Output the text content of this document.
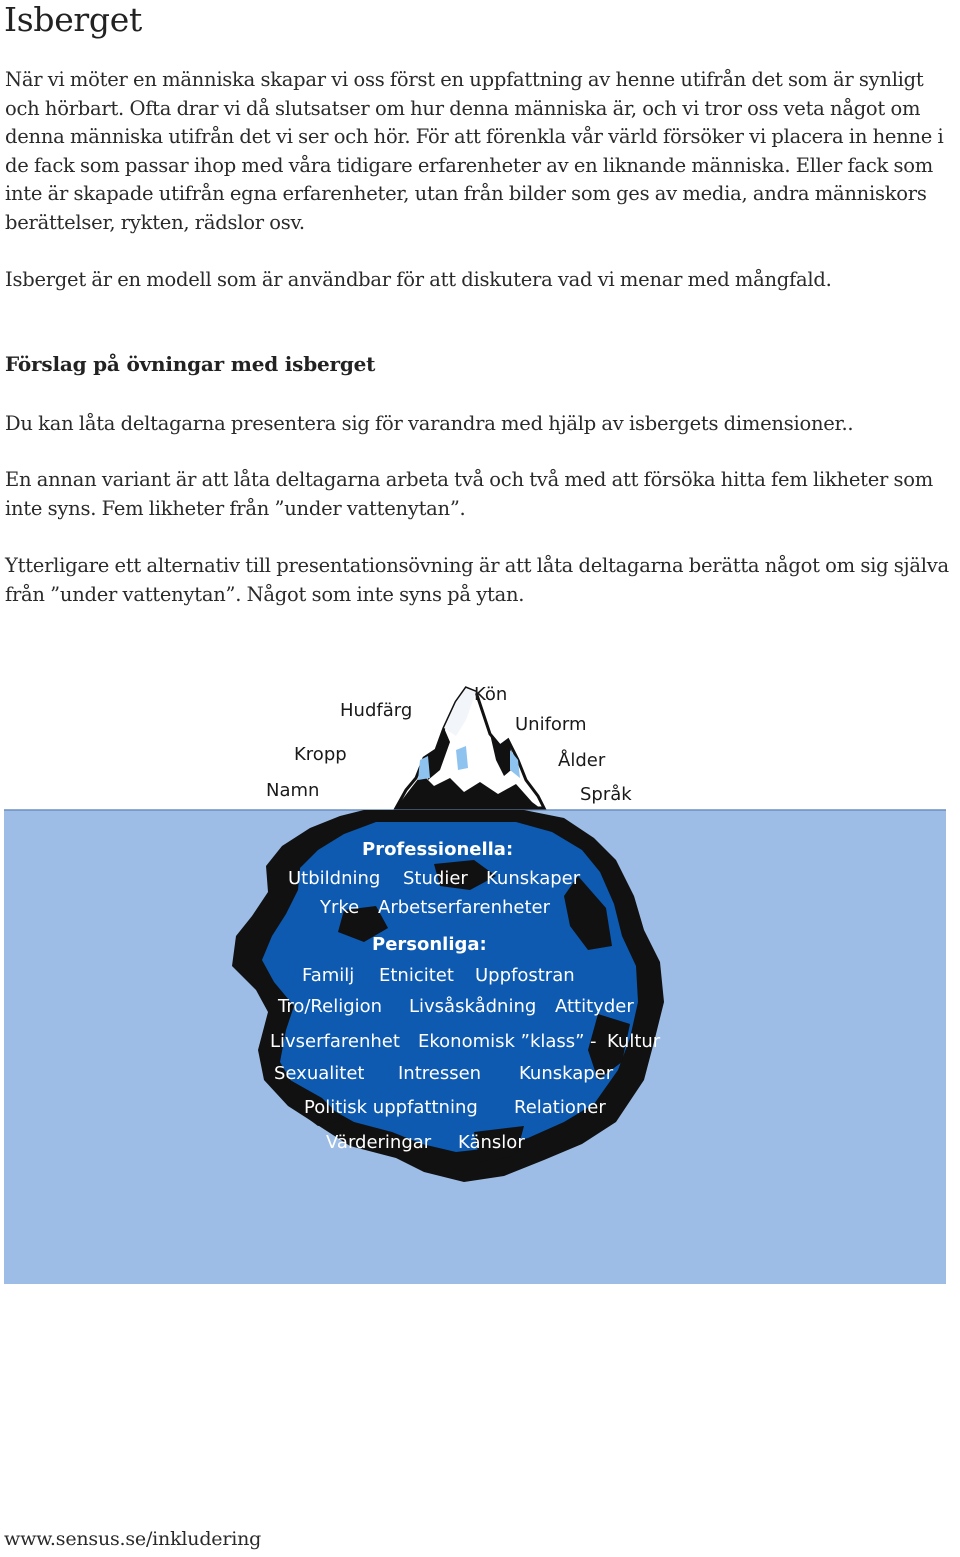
Isberget

När vi möter en människa skapar vi oss först en uppfattning av henne utifrån det som är synligt och hörbart. Ofta drar vi då slutsatser om hur denna människa är, och vi tror oss veta något om denna människa utifrån det vi ser och hör. För att förenkla vår värld försöker vi placera in henne i de fack som passar ihop med våra tidigare erfarenheter av en liknande människa. Eller fack som inte är skapade utifrån egna erfarenheter, utan från bilder som ges av media, andra människors berättelser, rykten, rädslor osv.

Isberget är en modell som är användbar för att diskutera vad vi menar med mångfald.

Förslag på övningar med isberget

Du kan låta deltagarna presentera sig för varandra med hjälp av isbergets dimensioner..

En annan variant är att låta deltagarna arbeta två och två med att försöka hitta fem likheter som inte syns. Fem likheter från ”under vattenytan”.

Ytterligare ett alternativ till presentationsövning är att låta deltagarna berätta något om sig själva från ”under vattenytan”. Något som inte syns på ytan.

Hudfärg
Kön
Uniform
Kropp	Ålder
Namn	Språk
Professionella:
Utbildning Studier Kunskaper
Yrke Arbetserfarenheter
Personliga:
Familj Etnicitet Uppfostran
Tro/Religion Livsåskådning Attityder
Livserfarenhet Ekonomisk ”klass” - Kultur
Sexualitet Intressen Kunskaper
Politisk uppfattning Relationer
Värderingar Känslor

www.sensus.se/inkludering
